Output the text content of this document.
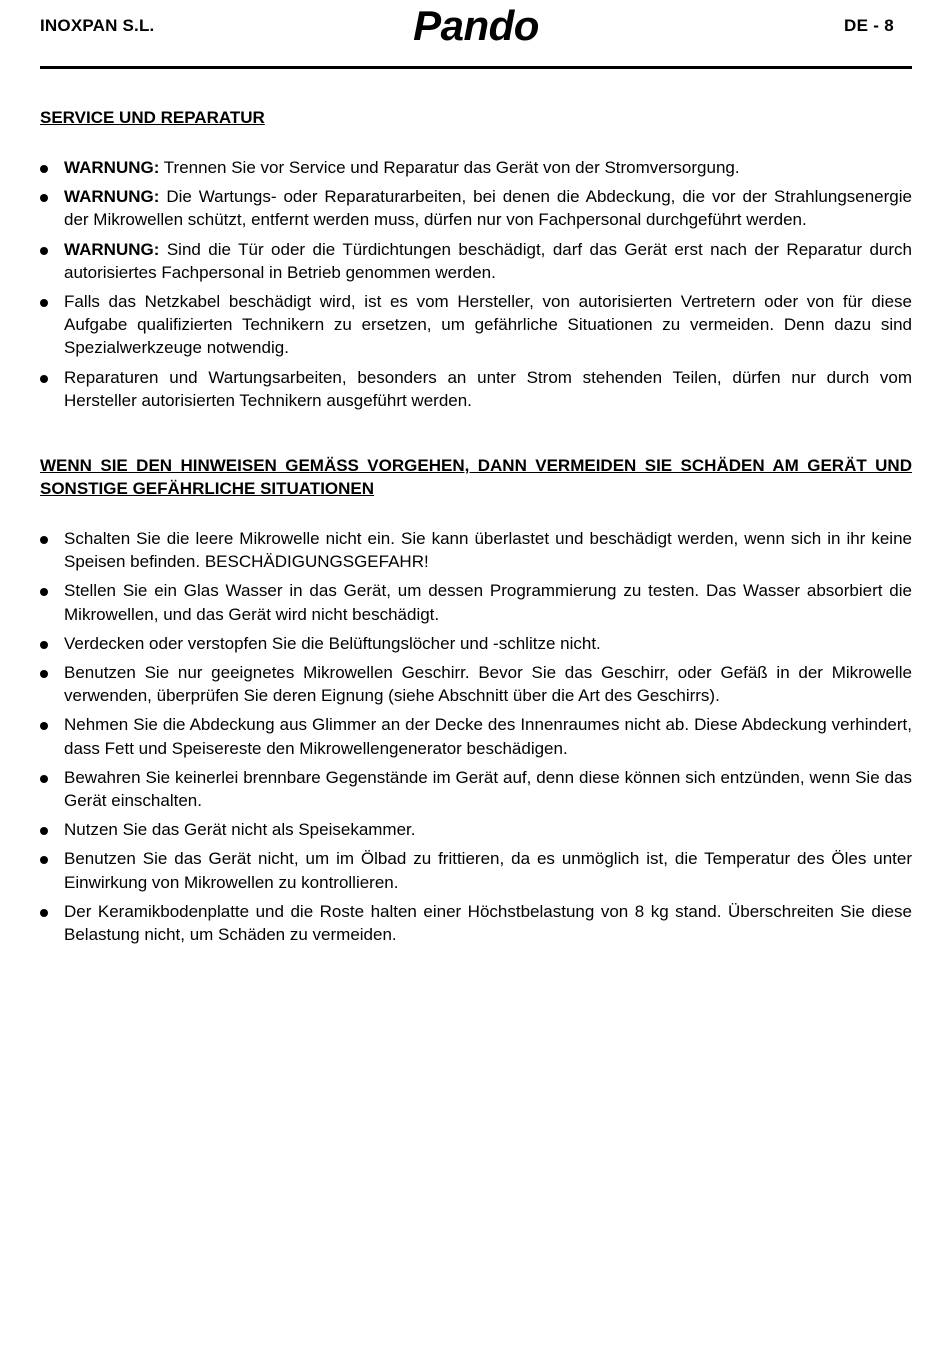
INOXPAN S.L.	Pando	DE - 8
SERVICE UND REPARATUR
WARNUNG: Trennen Sie vor Service und Reparatur das Gerät von der Stromversorgung.
WARNUNG: Die Wartungs- oder Reparaturarbeiten, bei denen die Abdeckung, die vor der Strahlungsenergie der Mikrowellen schützt, entfernt werden muss, dürfen nur von Fachpersonal durchgeführt werden.
WARNUNG: Sind die Tür oder die Türdichtungen beschädigt, darf das Gerät erst nach der Reparatur durch autorisiertes Fachpersonal in Betrieb genommen werden.
Falls das Netzkabel beschädigt wird, ist es vom Hersteller, von autorisierten Vertretern oder von für diese Aufgabe qualifizierten Technikern zu ersetzen, um gefährliche Situationen zu vermeiden. Denn dazu sind Spezialwerkzeuge notwendig.
Reparaturen und Wartungsarbeiten, besonders an unter Strom stehenden Teilen, dürfen nur durch vom Hersteller autorisierten Technikern ausgeführt werden.
WENN SIE DEN HINWEISEN GEMÄSS VORGEHEN, DANN VERMEIDEN SIE SCHÄDEN AM GERÄT UND SONSTIGE GEFÄHRLICHE SITUATIONEN
Schalten Sie die leere Mikrowelle nicht ein. Sie kann überlastet und beschädigt werden, wenn sich in ihr keine Speisen befinden. BESCHÄDIGUNGSGEFAHR!
Stellen Sie ein Glas Wasser in das Gerät, um dessen Programmierung zu testen. Das Wasser absorbiert die Mikrowellen, und das Gerät wird nicht beschädigt.
Verdecken oder verstopfen Sie die Belüftungslöcher und -schlitze nicht.
Benutzen Sie nur geeignetes Mikrowellen Geschirr. Bevor Sie das Geschirr, oder Gefäß in der Mikrowelle verwenden, überprüfen Sie deren Eignung (siehe Abschnitt über die Art des Geschirrs).
Nehmen Sie die Abdeckung aus Glimmer an der Decke des Innenraumes nicht ab. Diese Abdeckung verhindert, dass Fett und Speisereste den Mikrowellengenerator beschädigen.
Bewahren Sie keinerlei brennbare Gegenstände im Gerät auf, denn diese können sich entzünden, wenn Sie das Gerät einschalten.
Nutzen Sie das Gerät nicht als Speisekammer.
Benutzen Sie das Gerät nicht, um im Ölbad zu frittieren, da es unmöglich ist, die Temperatur des Öles unter Einwirkung von Mikrowellen zu kontrollieren.
Der Keramikbodenplatte und die Roste halten einer Höchstbelastung von 8 kg stand. Überschreiten Sie diese Belastung nicht, um Schäden zu vermeiden.
